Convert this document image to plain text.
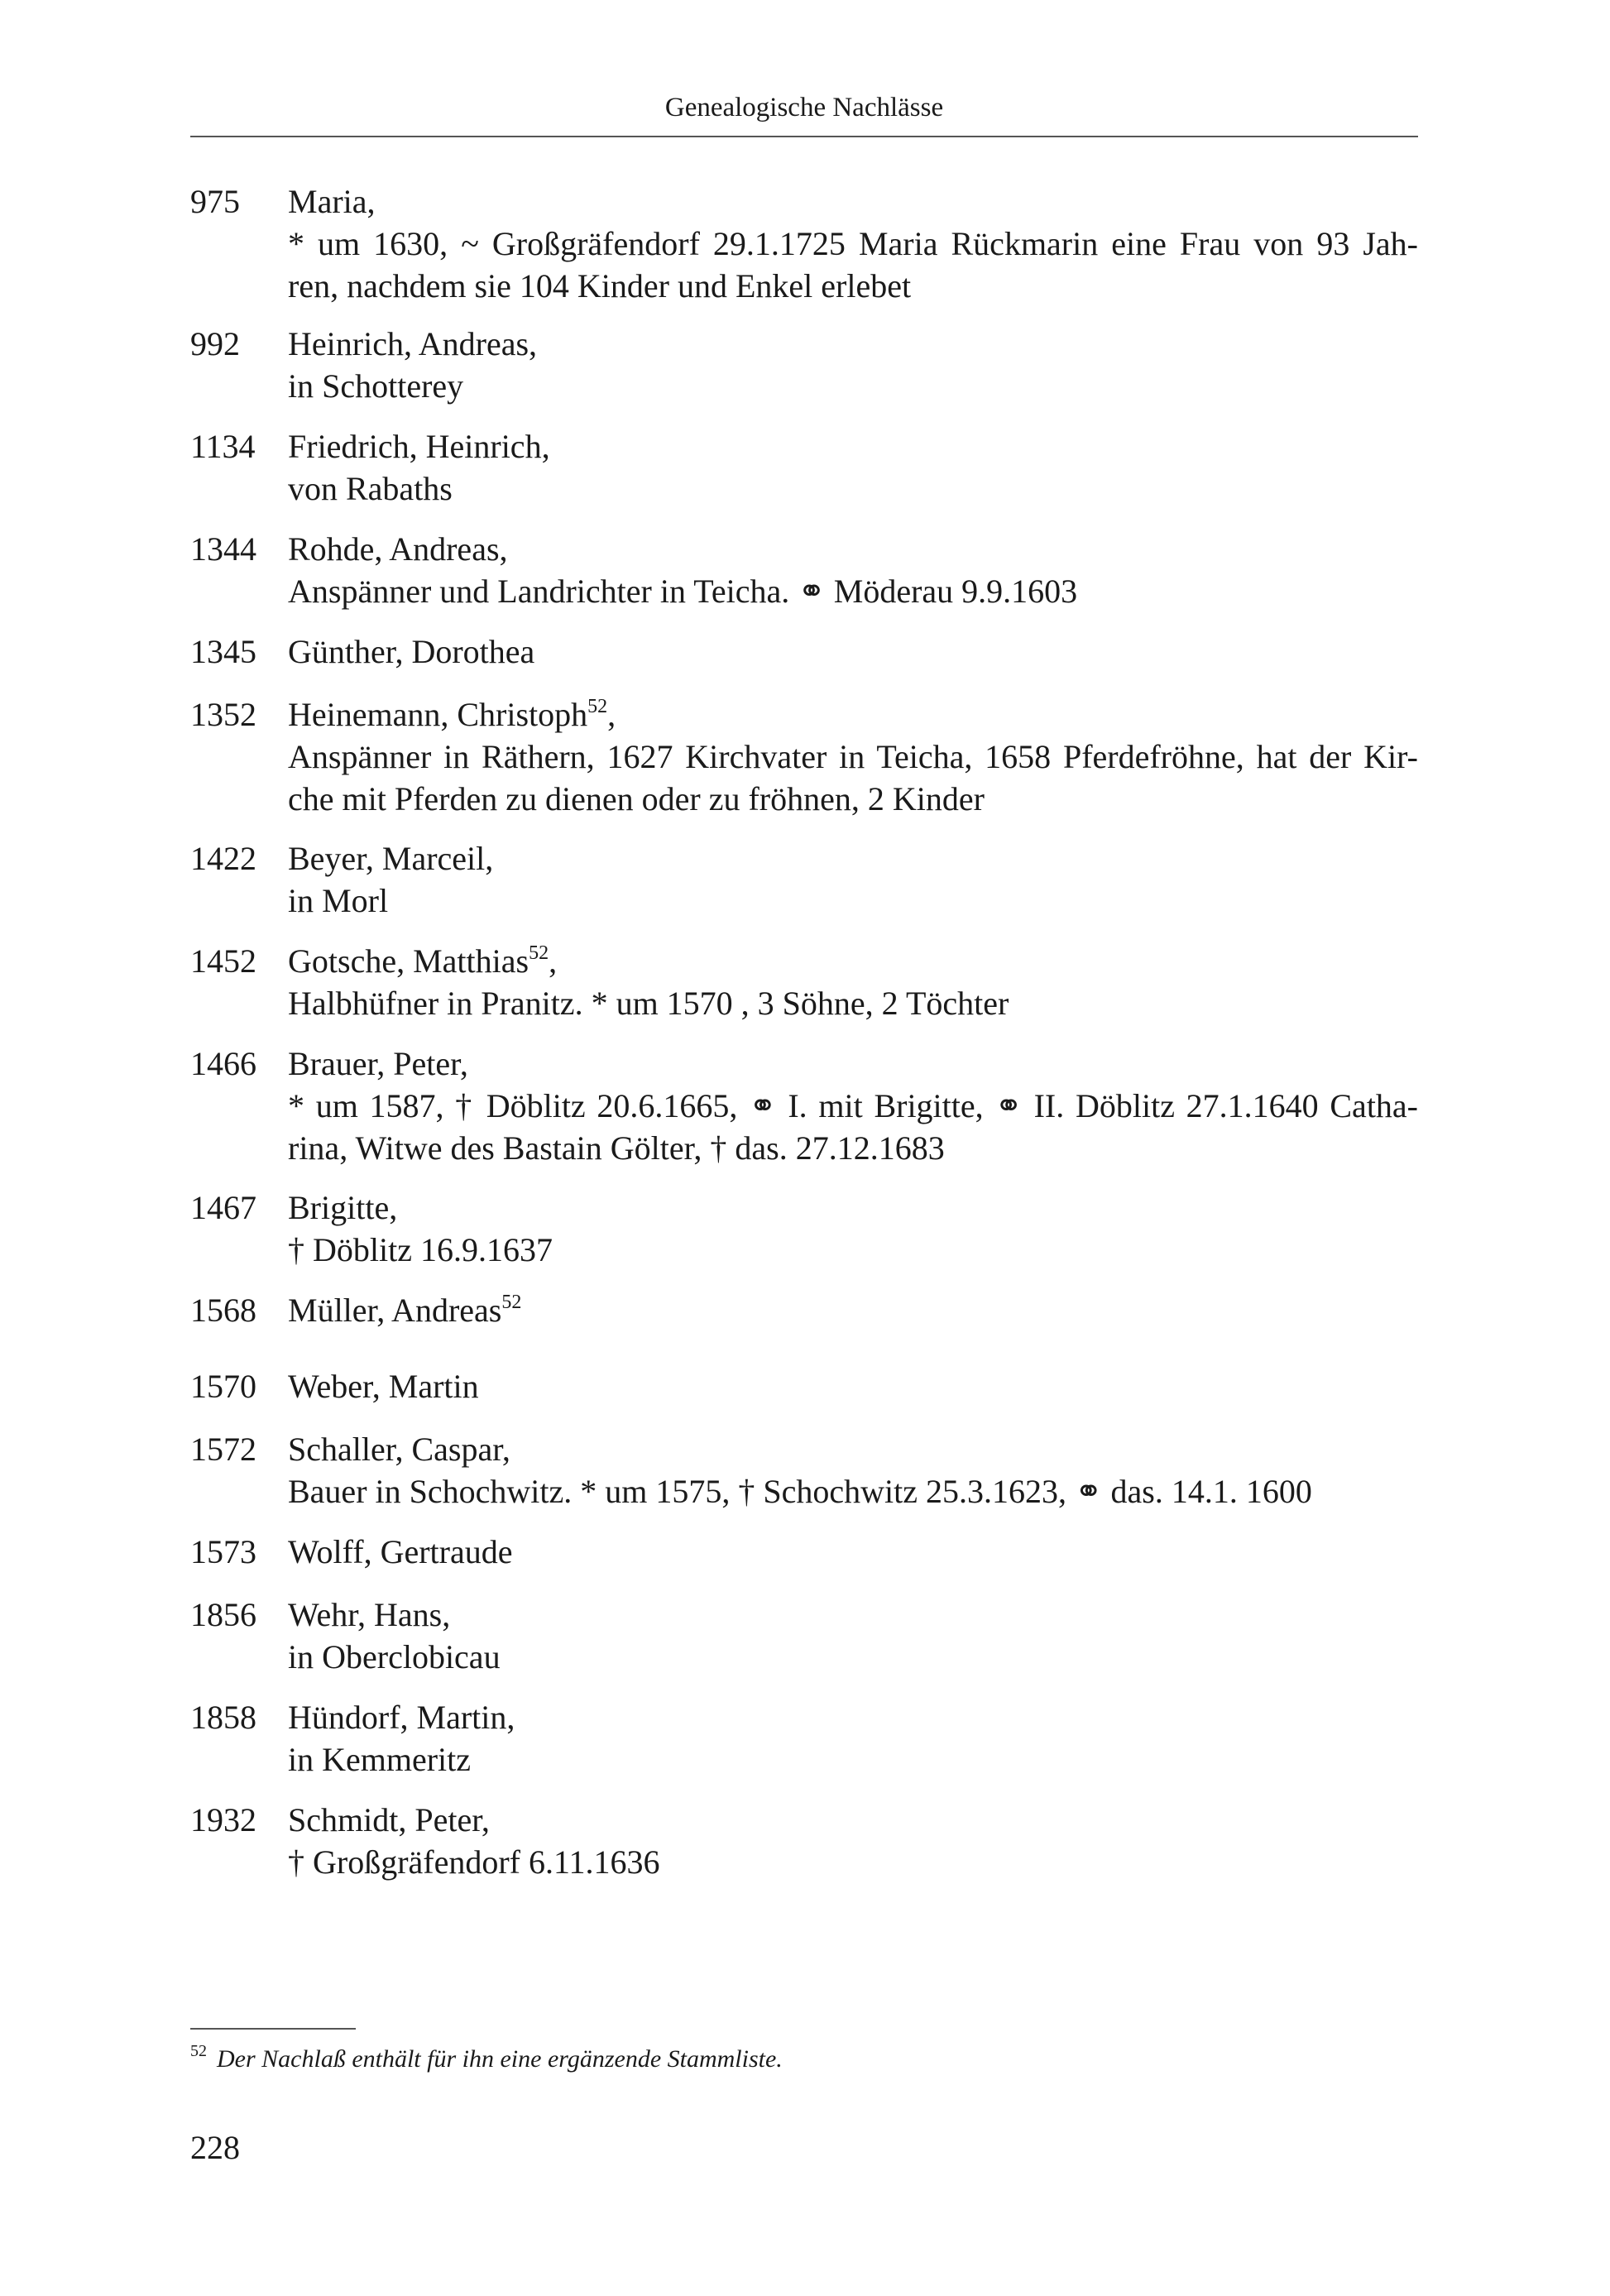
Genealogische Nachlässe
975	Maria,
* um 1630, ~ Großgräfendorf 29.1.1725 Maria Rückmarin eine Frau von 93 Jah-
ren, nachdem sie 104 Kinder und Enkel erlebet
992	Heinrich, Andreas,
in Schotterey
1134 Friedrich, Heinrich,
von Rabaths
1344 Rohde, Andreas,
Anspänner und Landrichter in Teicha. ⚭ Möderau 9.9.1603
1345 Günther, Dorothea
1352 Heinemann, Christoph$^{52}$,
Anspänner in Räthern, 1627 Kirchvater in Teicha, 1658 Pferdefröhne, hat der Kir-
che mit Pferden zu dienen oder zu fröhnen, 2 Kinder
1422 Beyer, Marceil,
in Morl
1452 Gotsche, Matthias$^{52}$,
Halbhüfner in Pranitz. * um 1570 , 3 Söhne, 2 Töchter
1466 Brauer, Peter,
* um 1587, † Döblitz 20.6.1665, ⚭ I. mit Brigitte, ⚭ II. Döblitz 27.1.1640 Catha-
rina, Witwe des Bastain Gölter, † das. 27.12.1683
1467 Brigitte,
† Döblitz 16.9.1637
1568 Müller, Andreas$^{52}$
1570 Weber, Martin
1572 Schaller, Caspar,
Bauer in Schochwitz. * um 1575, † Schochwitz 25.3.1623, ⚭ das. 14.1. 1600
1573 Wolff, Gertraude
1856 Wehr, Hans,
in Oberclobicau
1858 Hündorf, Martin,
in Kemmeritz
1932 Schmidt, Peter,
† Großgräfendorf 6.11.1636
$^{52}$ Der Nachlaß enthält für ihn eine ergänzende Stammliste.
228
